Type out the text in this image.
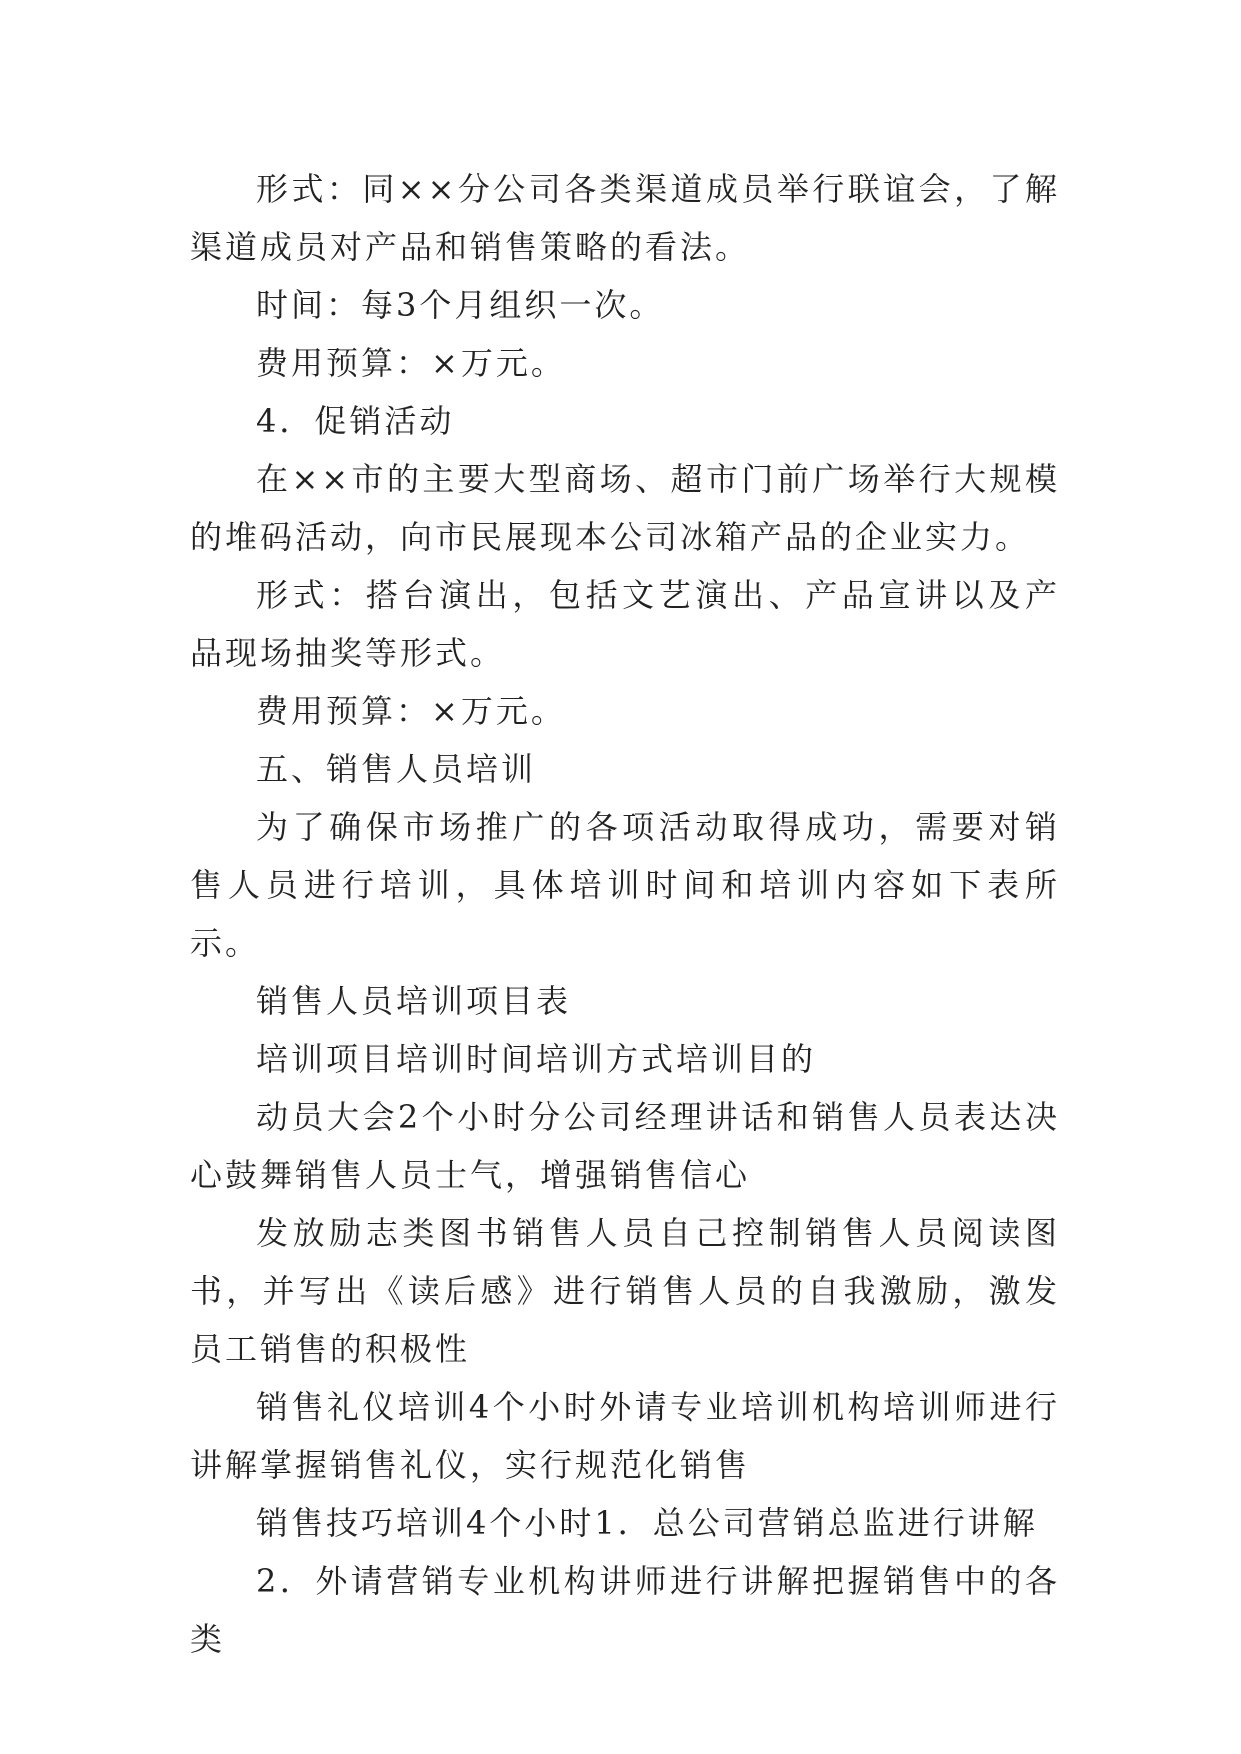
形式：同××分公司各类渠道成员举行联谊会，了解渠道成员对产品和销售策略的看法。

时间：每3个月组织一次。

费用预算：×万元。

4．促销活动

在××市的主要大型商场、超市门前广场举行大规模的堆码活动，向市民展现本公司冰箱产品的企业实力。

形式：搭台演出，包括文艺演出、产品宣讲以及产品现场抽奖等形式。

费用预算：×万元。

五、销售人员培训

为了确保市场推广的各项活动取得成功，需要对销售人员进行培训，具体培训时间和培训内容如下表所示。

销售人员培训项目表

培训项目培训时间培训方式培训目的

动员大会2个小时分公司经理讲话和销售人员表达决心鼓舞销售人员士气，增强销售信心

发放励志类图书销售人员自己控制销售人员阅读图书，并写出《读后感》进行销售人员的自我激励，激发员工销售的积极性

销售礼仪培训4个小时外请专业培训机构培训师进行讲解掌握销售礼仪，实行规范化销售

销售技巧培训4个小时1．总公司营销总监进行讲解

2．外请营销专业机构讲师进行讲解把握销售中的各类
